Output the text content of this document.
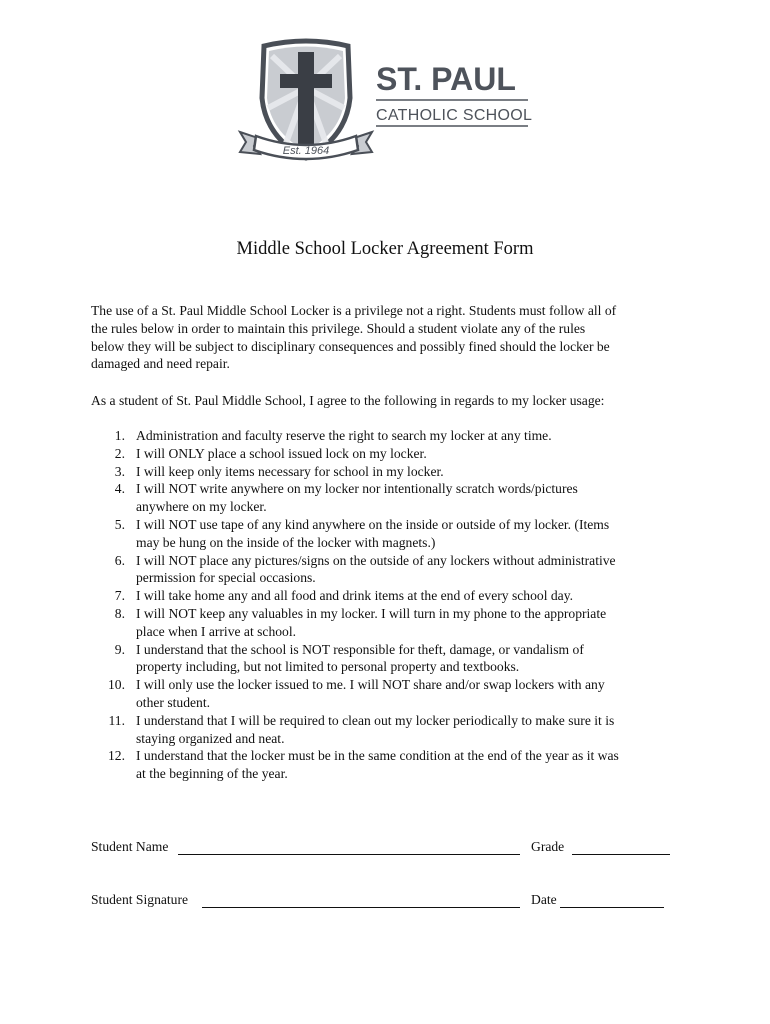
Est. 1964
ST. PAUL
CATHOLIC SCHOOL
Middle School Locker Agreement Form
The use of a St. Paul Middle School Locker is a privilege not a right. Students must follow all of
the rules below in order to maintain this privilege. Should a student violate any of the rules
below they will be subject to disciplinary consequences and possibly fined should the locker be
damaged and need repair.
As a student of St. Paul Middle School, I agree to the following in regards to my locker usage:
1. Administration and faculty reserve the right to search my locker at any time.
2. I will ONLY place a school issued lock on my locker.
3. I will keep only items necessary for school in my locker.
4. I will NOT write anywhere on my locker nor intentionally scratch words/pictures
anywhere on my locker.
5. I will NOT use tape of any kind anywhere on the inside or outside of my locker. (Items
may be hung on the inside of the locker with magnets.)
6. I will NOT place any pictures/signs on the outside of any lockers without administrative
permission for special occasions.
7. I will take home any and all food and drink items at the end of every school day.
8. I will NOT keep any valuables in my locker. I will turn in my phone to the appropriate
place when I arrive at school.
9. I understand that the school is NOT responsible for theft, damage, or vandalism of
property including, but not limited to personal property and textbooks.
10. I will only use the locker issued to me. I will NOT share and/or swap lockers with any
other student.
11. I understand that I will be required to clean out my locker periodically to make sure it is
staying organized and neat.
12. I understand that the locker must be in the same condition at the end of the year as it was
at the beginning of the year.
Student Name	Grade
Student Signature	Date
